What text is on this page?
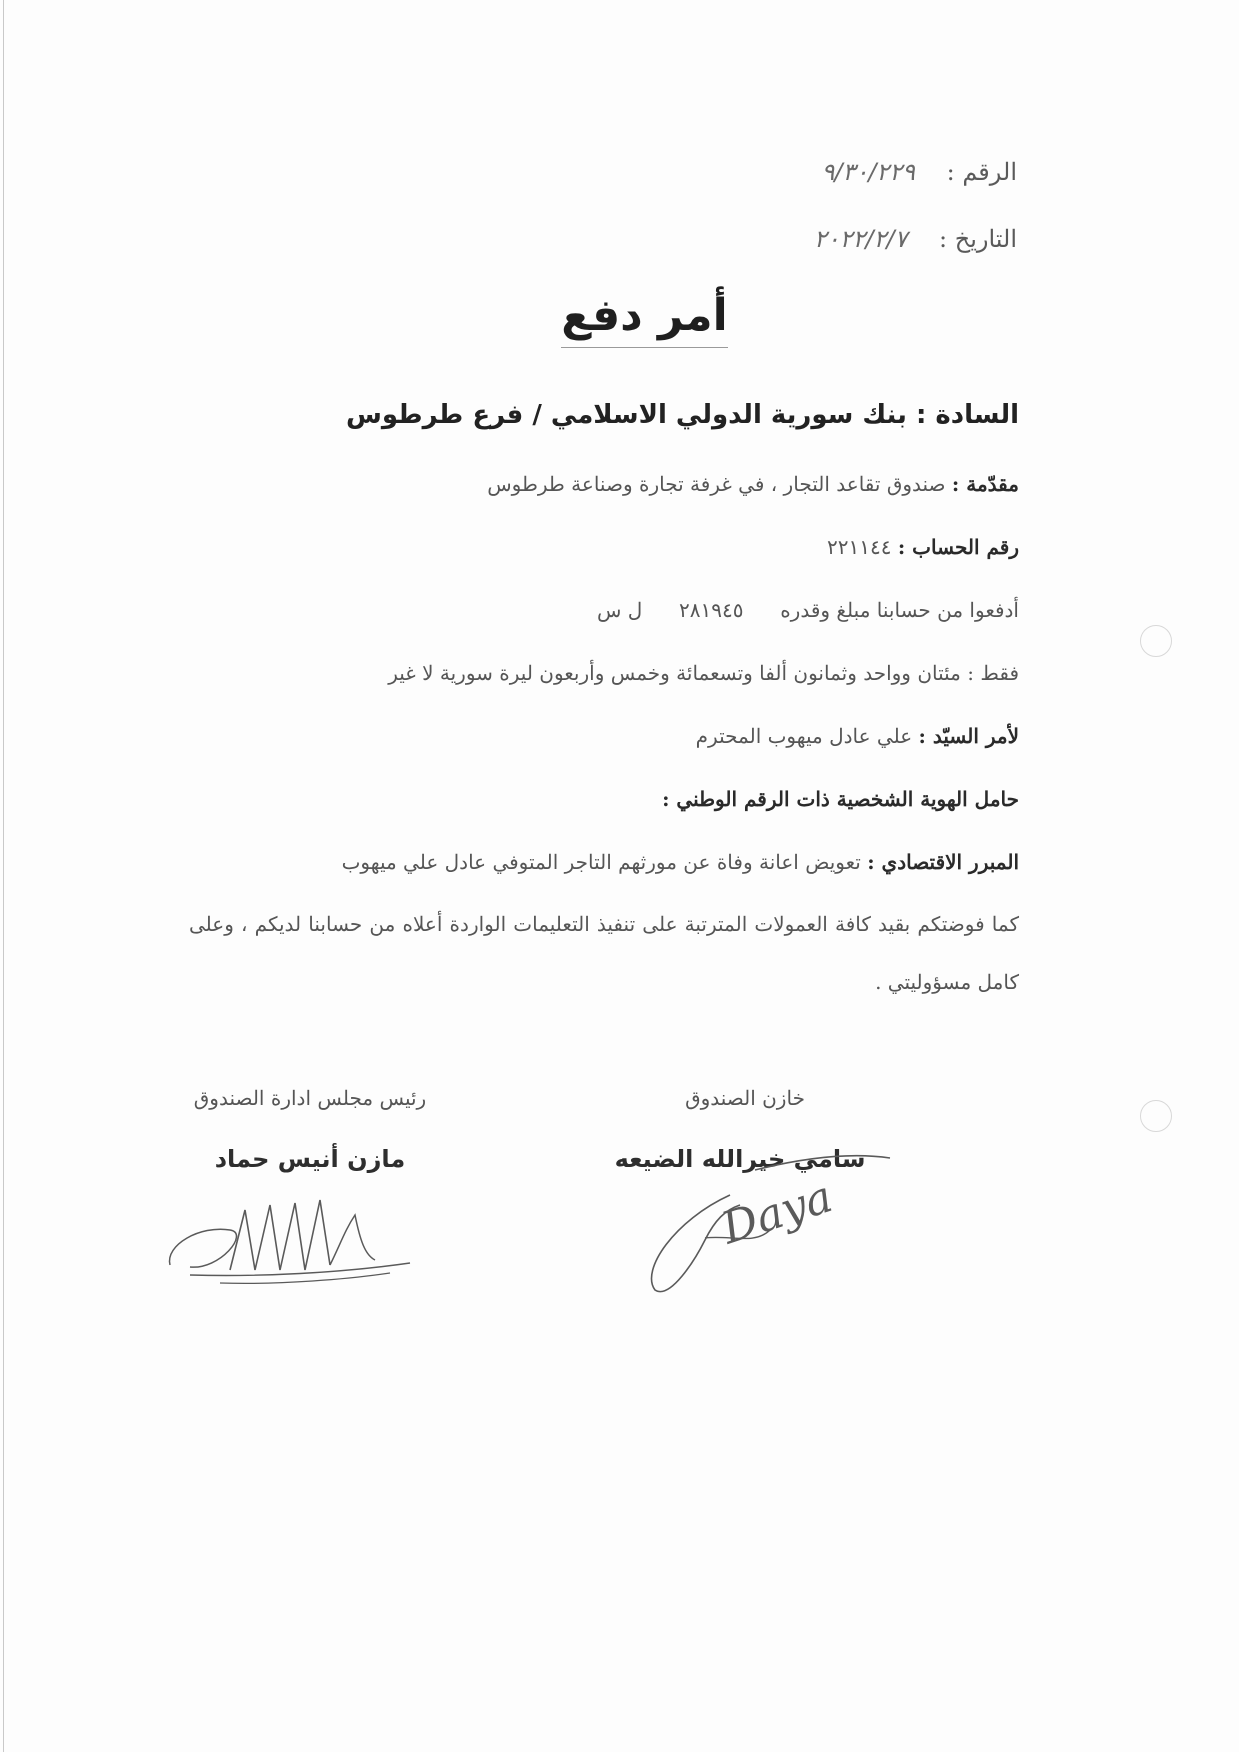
الرقم : ٩/٣٠/٢٢٩
التاريخ : ٢٠٢٢/٢/٧
أمر دفع
السادة : بنك سورية الدولي الاسلامي / فرع طرطوس
مقدّمة : صندوق تقاعد التجار ، في غرفة تجارة وصناعة طرطوس
رقم الحساب : ٢٢١١٤٤
أدفعوا من حسابنا مبلغ وقدره  ٢٨١٩٤٥  ل س
فقط : مئتان وواحد وثمانون ألفا وتسعمائة وخمس وأربعون ليرة سورية لا غير
لأمر السيّد : علي عادل ميهوب المحترم
حامل الهوية الشخصية ذات الرقم الوطني :
المبرر الاقتصادي : تعويض اعانة وفاة عن مورثهم التاجر المتوفي عادل علي ميهوب
كما فوضتكم بقيد كافة العمولات المترتبة على تنفيذ التعليمات الواردة أعلاه من حسابنا لديكم ، وعلى كامل مسؤوليتي .
خازن الصندوق
سامي خيرالله الضيعه
Daya
رئيس مجلس ادارة الصندوق
مازن أنيس حماد
